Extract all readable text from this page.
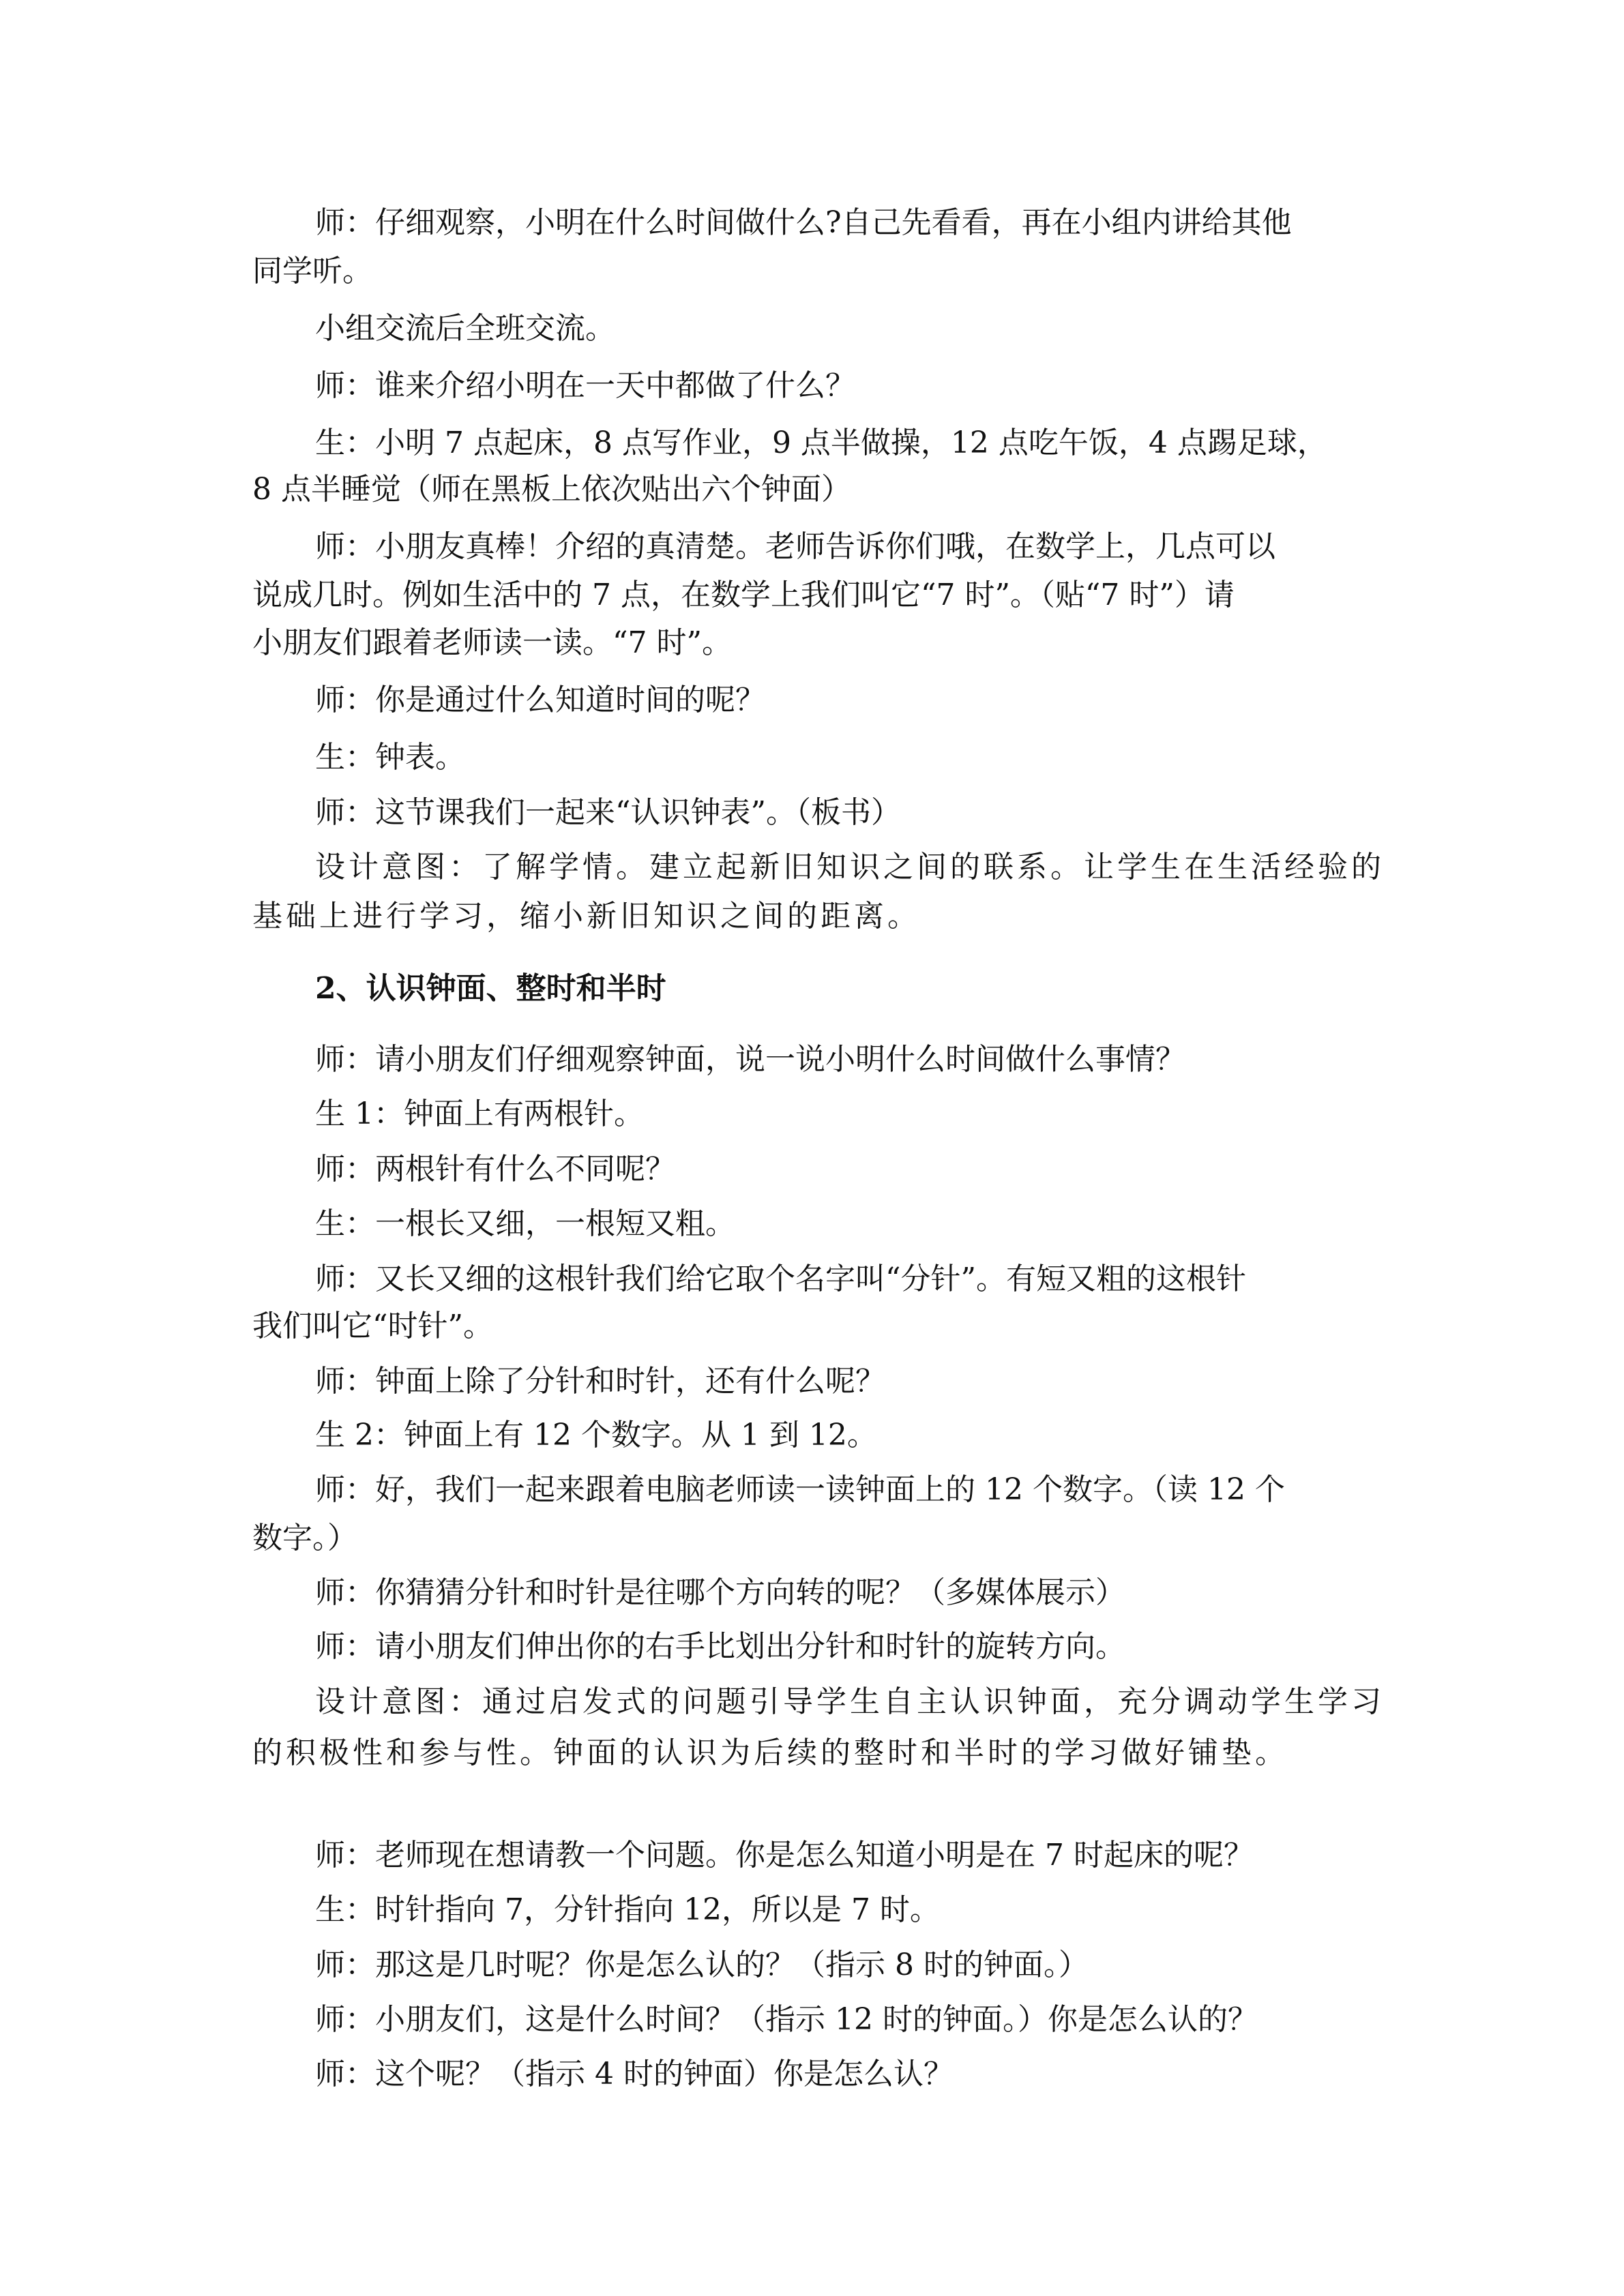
师：仔细观察，小明在什么时间做什么?自己先看看，再在小组内讲给其他
同学听。
小组交流后全班交流。
师：谁来介绍小明在一天中都做了什么？
生：小明 7 点起床，8 点写作业，9 点半做操，12 点吃午饭，4 点踢足球，
8 点半睡觉（师在黑板上依次贴出六个钟面）
师：小朋友真棒！介绍的真清楚。老师告诉你们哦，在数学上，几点可以
说成几时。例如生活中的 7 点，在数学上我们叫它“7 时”。（贴“7 时”）请
小朋友们跟着老师读一读。“7 时”。
师：你是通过什么知道时间的呢？
生：钟表。
师：这节课我们一起来“认识钟表”。（板书）
设计意图：了解学情。建立起新旧知识之间的联系。让学生在生活经验的
基础上进行学习，缩小新旧知识之间的距离。
2、认识钟面、整时和半时
师：请小朋友们仔细观察钟面，说一说小明什么时间做什么事情？
生 1：钟面上有两根针。
师：两根针有什么不同呢？
生：一根长又细，一根短又粗。
师：又长又细的这根针我们给它取个名字叫“分针”。有短又粗的这根针
我们叫它“时针”。
师：钟面上除了分针和时针，还有什么呢？
生 2：钟面上有 12 个数字。从 1 到 12。
师：好，我们一起来跟着电脑老师读一读钟面上的 12 个数字。（读 12 个
数字。）
师：你猜猜分针和时针是往哪个方向转的呢？（多媒体展示）
师：请小朋友们伸出你的右手比划出分针和时针的旋转方向。
设计意图：通过启发式的问题引导学生自主认识钟面，充分调动学生学习
的积极性和参与性。钟面的认识为后续的整时和半时的学习做好铺垫。
师：老师现在想请教一个问题。你是怎么知道小明是在 7 时起床的呢？
生：时针指向 7，分针指向 12，所以是 7 时。
师：那这是几时呢？你是怎么认的？（指示 8 时的钟面。）
师：小朋友们，这是什么时间？（指示 12 时的钟面。）你是怎么认的？
师：这个呢？（指示 4 时的钟面）你是怎么认？
